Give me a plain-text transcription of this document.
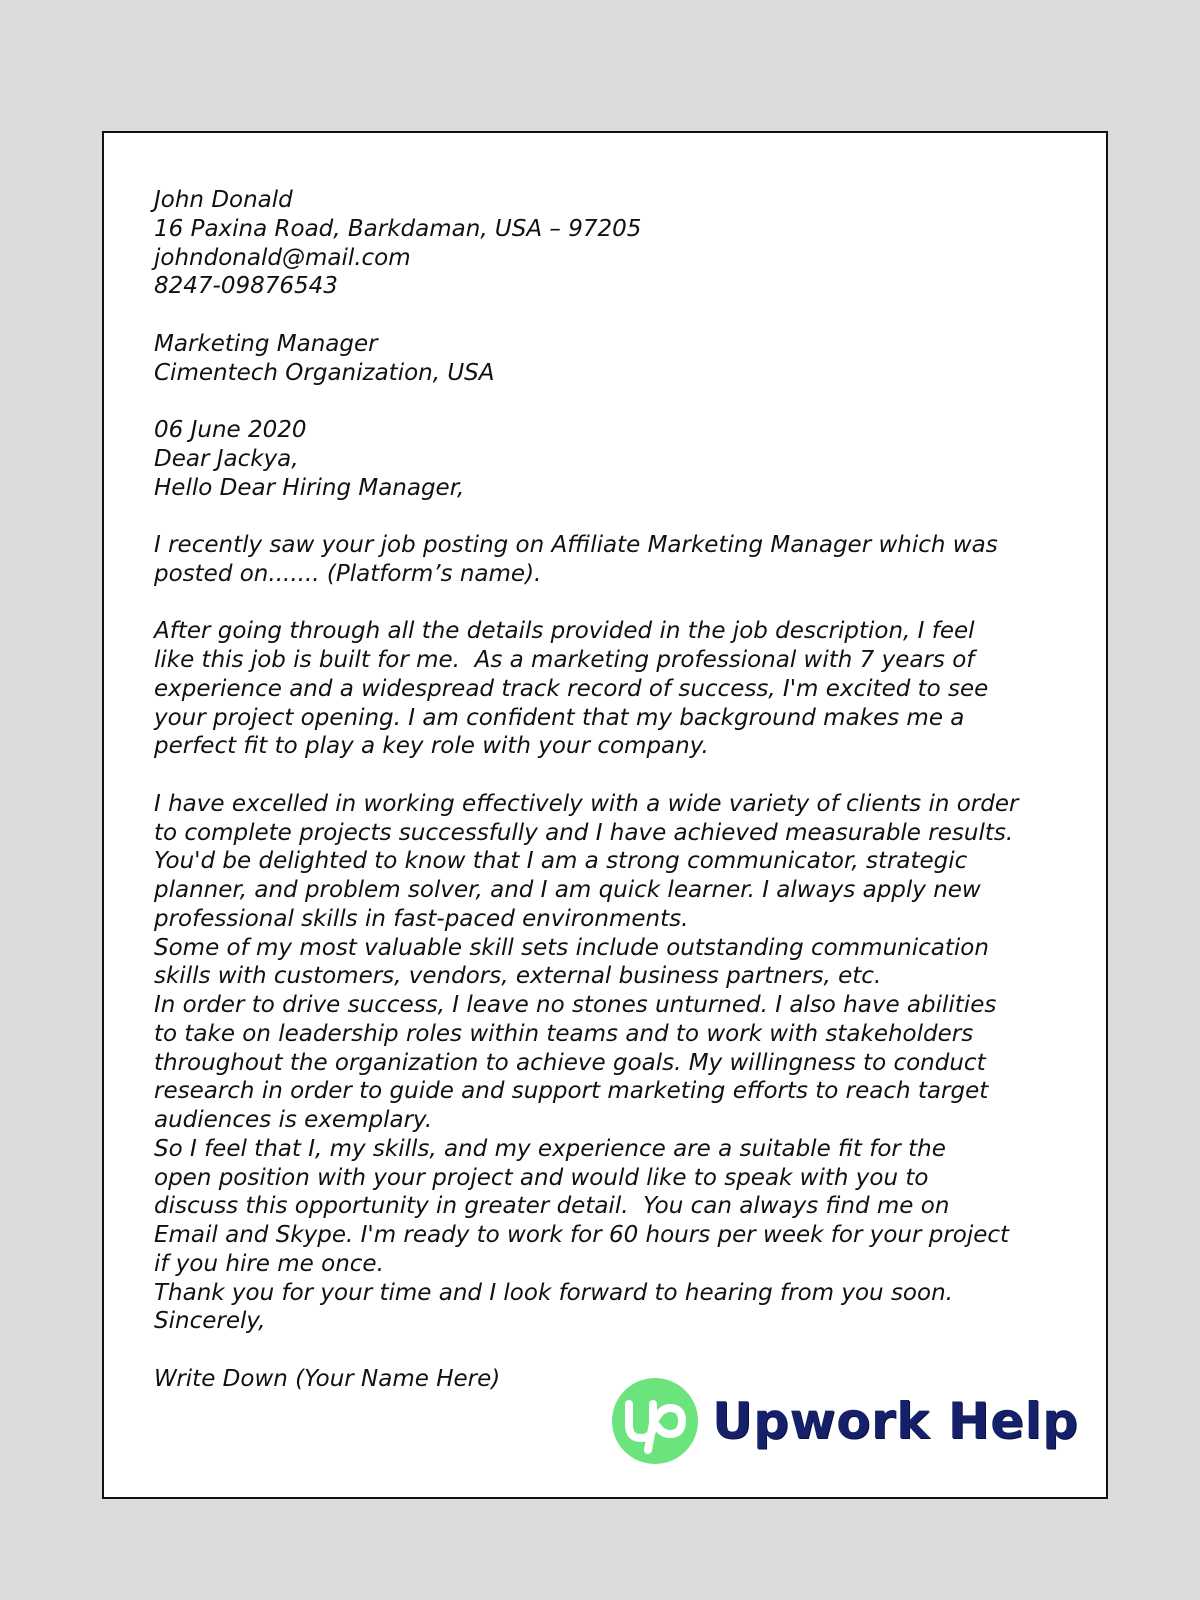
John Donald
16 Paxina Road, Barkdaman, USA – 97205
johndonald@mail.com
8247-09876543
Marketing Manager
Cimentech Organization, USA
06 June 2020
Dear Jackya,
Hello Dear Hiring Manager,
I recently saw your job posting on Affiliate Marketing Manager which was
posted on....... (Platform’s name).
After going through all the details provided in the job description, I feel
like this job is built for me.  As a marketing professional with 7 years of
experience and a widespread track record of success, I'm excited to see
your project opening. I am confident that my background makes me a
perfect fit to play a key role with your company.
I have excelled in working effectively with a wide variety of clients in order
to complete projects successfully and I have achieved measurable results.
You'd be delighted to know that I am a strong communicator, strategic
planner, and problem solver, and I am quick learner. I always apply new
professional skills in fast-paced environments.
Some of my most valuable skill sets include outstanding communication
skills with customers, vendors, external business partners, etc.
In order to drive success, I leave no stones unturned. I also have abilities
to take on leadership roles within teams and to work with stakeholders
throughout the organization to achieve goals. My willingness to conduct
research in order to guide and support marketing efforts to reach target
audiences is exemplary.
So I feel that I, my skills, and my experience are a suitable fit for the
open position with your project and would like to speak with you to
discuss this opportunity in greater detail.  You can always find me on
Email and Skype. I'm ready to work for 60 hours per week for your project
if you hire me once.
Thank you for your time and I look forward to hearing from you soon.
Sincerely,
Write Down (Your Name Here)
Upwork Help
